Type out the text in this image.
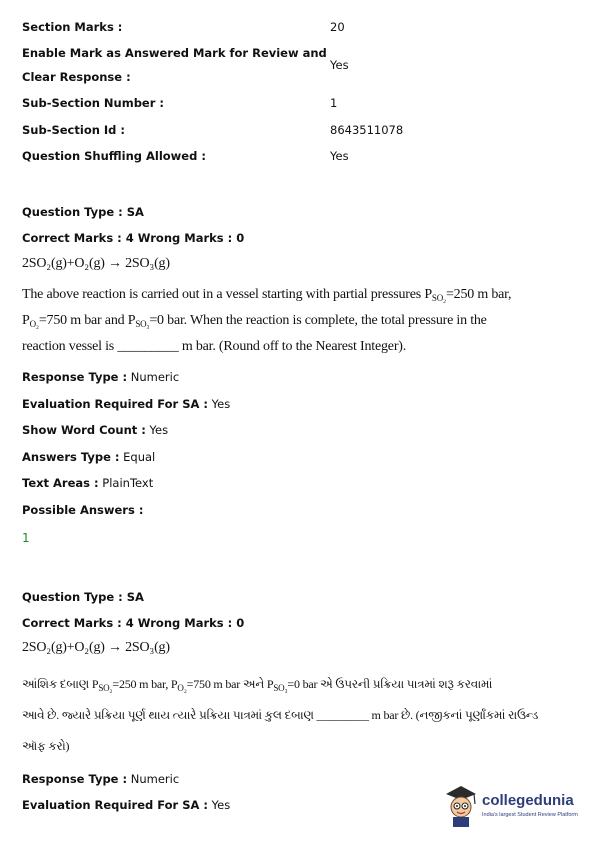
Section Marks :	20
Enable Mark as Answered Mark for Review and
Clear Response :
Yes
Sub-Section Number :	1
Sub-Section Id :	8643511078
Question Shuffling Allowed :	Yes
Question Type : SA
Correct Marks : 4 Wrong Marks : 0
2SO₂(g)+O₂(g) → 2SO₃(g)
The above reaction is carried out in a vessel starting with partial pressures $P_{SO_2}=250$ m bar,
$P_{O_2}=750$ m bar and $P_{SO_3}=0$ bar. When the reaction is complete, the total pressure in the
reaction vessel is _________ m bar. (Round off to the Nearest Integer).
Response Type : Numeric
Evaluation Required For SA : Yes
Show Word Count : Yes
Answers Type : Equal
Text Areas : PlainText
Possible Answers :
1
Question Type : SA
Correct Marks : 4 Wrong Marks : 0
2SO₂(g)+O₂(g) → 2SO₃(g)
આંશિક દબાણ $P_{SO_2}=250$ m bar, $P_{O_2}=750$ m bar અને $P_{SO_3}=0$ bar એ ઉપરની પ્રક્રિયા પાત્રમાં શરૂ કરવામાં
આવે છે. જ્યારે પ્રક્રિયા પૂર્ણ થાય ત્યારે પ્રક્રિયા પાત્રમાં કુલ દબાણ _________ m bar છે. (નજીકનાં પૂર્ણાંકમાં રાઉન્ડ
ઑફ કરો)
Response Type : Numeric
Evaluation Required For SA : Yes	collegedunia
India's largest Student Review Platform
